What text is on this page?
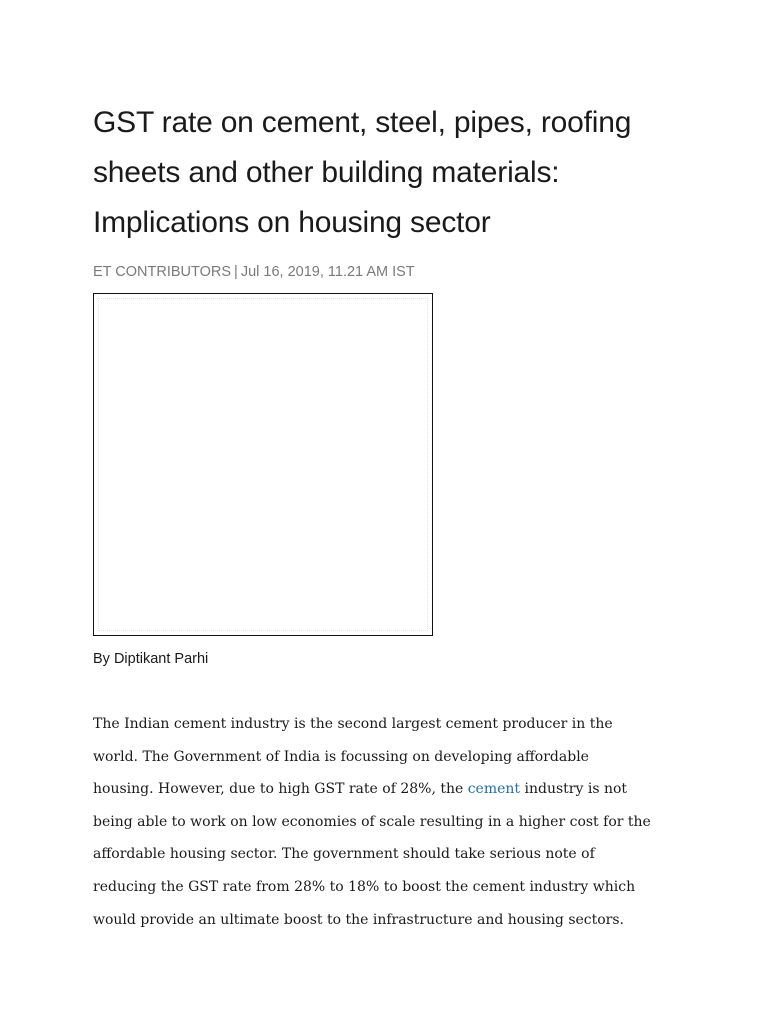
GST rate on cement, steel, pipes, roofing
sheets and other building materials:
Implications on housing sector
ET CONTRIBUTORS | Jul 16, 2019, 11.21 AM IST
By Diptikant Parhi

The Indian cement industry is the second largest cement producer in the
world. The Government of India is focussing on developing affordable
housing. However, due to high GST rate of 28%, the cement industry is not
being able to work on low economies of scale resulting in a higher cost for the
affordable housing sector. The government should take serious note of
reducing the GST rate from 28% to 18% to boost the cement industry which
would provide an ultimate boost to the infrastructure and housing sectors.
